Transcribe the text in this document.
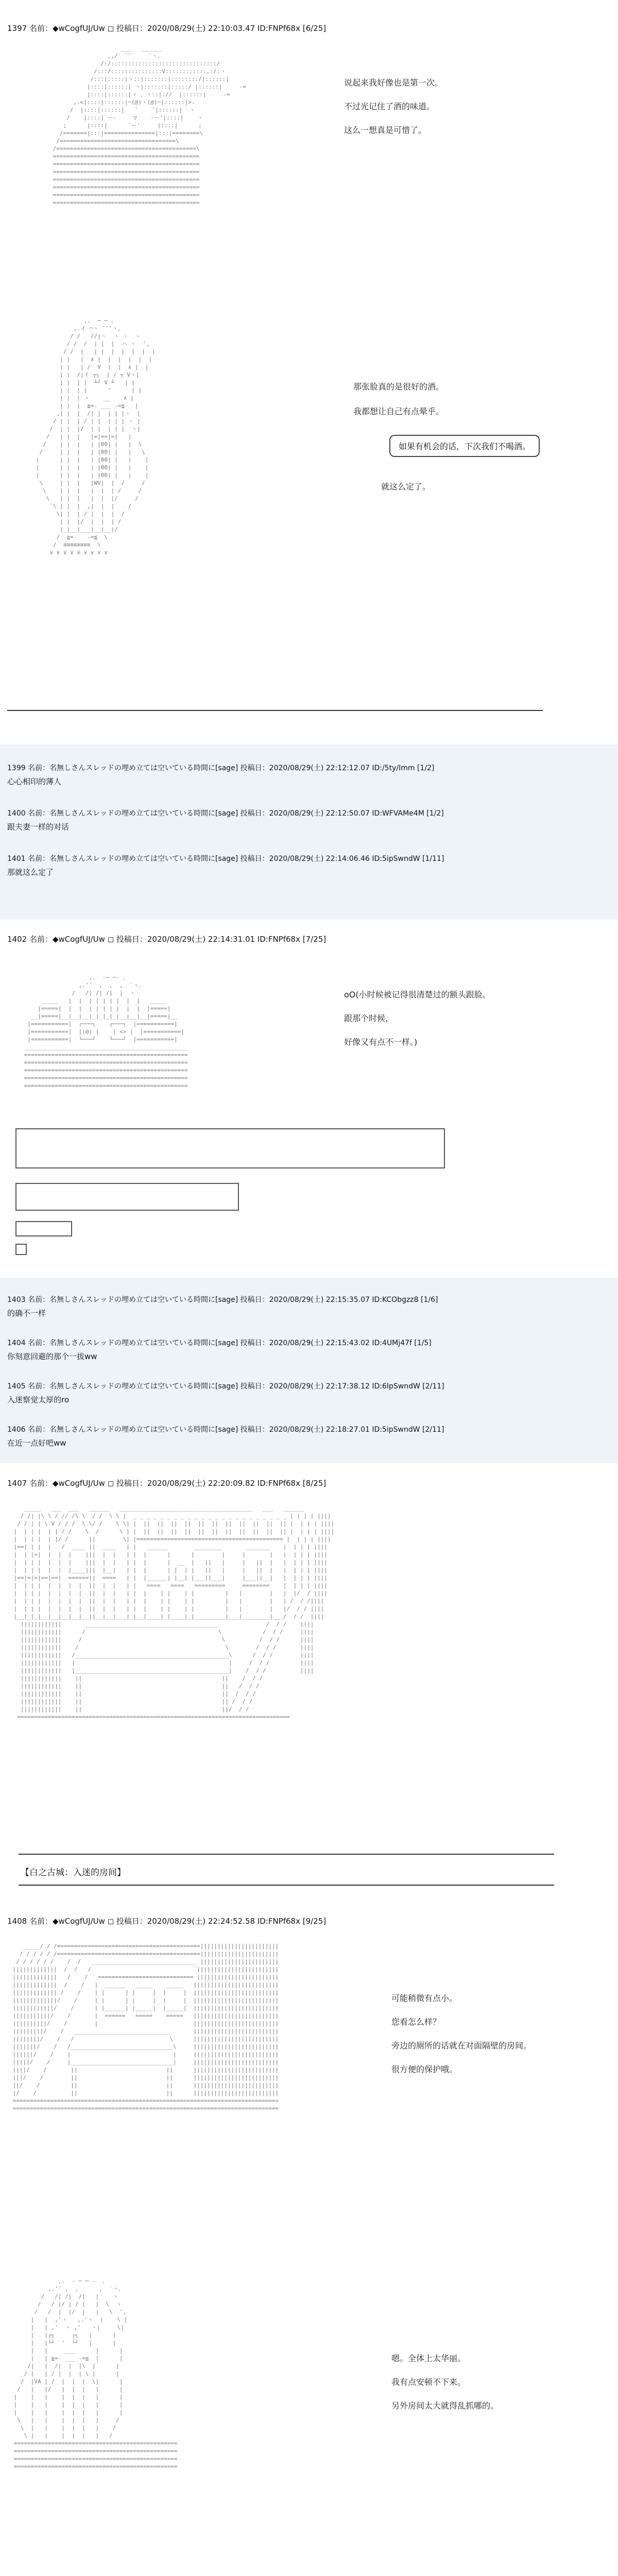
1397 名前：◆wCogfUJ/Uw ◻ 投稿日：2020/08/29(土) 22:10:03.47 ID:FNPf68x [6/25]
___   ______
,,/´ ̄ ̄      `ヽ、
/:/:::::::::::::::::::::::::::::::/
/:::/:::::::::::::::V::::::::::::,:/:ヽ
/:::|:::::|ヽ::|:::::::|::::::::/|::::::|
|::::|::::::| ヽ|:::::::|:::::/ |::::::|     ‐=
|::::|::::::|ヾ 、ヽ::|://  |::::::|     ‐=
,.<|::::|::::::|⌒(@)ヽ(@)⌒|::::::|>.
/  |::::|::::::|   ̄     ̄ |::::::|  ヽ
/    |::::|`ー-     ▽    -ー'|::::|    ヽ
;      |::::|      `ー'     |::::|      ;
/=======|:::|===============|:::|========\
/==================================\
/=========================================\
===========================================
===========================================
===========================================
===========================================
===========================================
===========================================
===========================================
说起来我好像也是第一次。
不过光记住了酒的味道。
这么一想真是可惜了。
,.  ─ ─ 、
,.イ ⌒ヽ ̄ ̄ ̄`ヽ、
/ /   //|ヽ  ヽ ヽ  ヽ
/ /  /  | |  |  ハ ヽ  ',
/ /  |   | |  |  |  |  |  |
| |   |  ∧ |  |  |  |  |  |
| |   | /  V  |  |  ∧ |  |
| |  /|イ ┬┐  | / ┬ Vヽ|
| |  | |  ┴┘ V ┴   | |
| |  | |      '      | |
| |  | ヽ    __    ∧ |
| |  |  ≧=- ___ -=≦   |
,| |  |  /| |  | | |ヽ  |
/ | |  | / | |  | | | ヽ |
/  | |  |/  | |  | | |  ヽ|
/   | |  |   |=|==|=|   |
/    | |  |   | |00| |   |  \
/     | |  |   | |00| |   |   \
|      | |  |   | |00| |   |    |
|      | |  |   | |00| |   |    |
|      | |  |   | |00| |   |    |
\     | |  |   |WV|  |  /     /
\    | |  |   |  |  | /     /
\   | |  |   |  |  |/     /
`\ | |  |  ,|  |  |    /
\| |  | / |  |  |  /
| |  |/  |  |  | /
|_|__|___|__|__|/
/  ≧=-   -=≦  \
/  ≡≡≡≡≡≡≡≡  \
∨ ∨ ∨ ∨ ∨ ∨ ∨ ∨ ∨
那张脸真的是很好的酒。
我都想让自己有点晕乎。
如果有机会的话，下次我们不喝酒。
就这么定了。
1399 名前：名無しさんスレッドの埋め立ては空いている時間に[sage] 投稿日：2020/08/29(土) 22:12:12.07 ID:/5ty/Imm [1/2]
心心相印的薄人
1400 名前：名無しさんスレッドの埋め立ては空いている時間に[sage] 投稿日：2020/08/29(土) 22:12:50.07 ID:WFVAMe4M [1/2]
跟夫妻一样的对话
1401 名前：名無しさんスレッドの埋め立ては空いている時間に[sage] 投稿日：2020/08/29(土) 22:14:06.46 ID:5ipSwndW [1/11]
那就这么定了
1402 名前：◆wCogfUJ/Uw ◻ 投稿日：2020/08/29(土) 22:14:31.01 ID:FNPf68x [7/25]
,.  -─ ─- 、
,.'´  ,  ,  ,  `ヽ、
/   /| /| /|  |  ヽ
_____   |  |  | | | | |  |  |   _____
|=====|  |  |  | | | | |  |  |  |=====|
__|=====|__|__|__|_|_|_|_|__|__|__|=====|__
|===========|  ┌───┐    ┌───┐  |===========|
|===========|  |(@) |    | <> |  |===========|
|===========|  └───┘    └───┘  |===========|
________________________________________________
================================================
================================================
================================================
================================================
================================================
oO(小时候被记得很清楚过的额头跟脸。
跟那个时候，
好像又有点不一样。)
1403 名前：名無しさんスレッドの埋め立ては空いている時間に[sage] 投稿日：2020/08/29(土) 22:15:35.07 ID:KCObgzz8 [1/6]
的确不一样
1404 名前：名無しさんスレッドの埋め立ては空いている時間に[sage] 投稿日：2020/08/29(土) 22:15:43.02 ID:4UMj47f [1/5]
你刻意回避的那个一拔ww
1405 名前：名無しさんスレッドの埋め立ては空いている時間に[sage] 投稿日：2020/08/29(土) 22:17:38.12 ID:6IpSwndW [2/11]
入迷察觉太厚的ro
1406 名前：名無しさんスレッドの埋め立ては空いている時間に[sage] 投稿日：2020/08/29(土) 22:18:27.01 ID:5ipSwndW [2/11]
在近一点好吧ww
1407 名前：◆wCogfUJ/Uw ◻ 投稿日：2020/08/29(土) 22:20:09.82 ID:FNPf68x [8/25]
_____   ___  ___   ______   _______________________________________   ___   ______
/ /| |\ \ / // /\ \  / /  \ \ |  _ _ _ _ _ _ _ _ _ _ _ _ _ _ _ _ _ _ _ _ _ _ _ | | | | ||||
/ / | | \ V / / /  \ \/ /    \ \| |  ||  ||  ||  ||  ||  ||  ||  ||  ||  ||  || |  | | | ||||
|  | | |  | | / /    \  /      \ | |  ||  ||  ||  ||  ||  ||  ||  ||  ||  ||  || |  | | | ||||
|  | | |  | |/ /      ||        \| |=========================================== |  | | | ||||
|==| | |  |   /  ____ ||  ____   | |   ______        ________       _______    |  | | | ||||
|  | |=|  |  |  |    |||  |  |   | |  |      |      |        |     |       |   |  | | | ||||
|  | | |  |  |  |    |||  |  |   | |  |      |  __  |   ||   |     |   ||  |   |  | | | ||||
|  | | |  |  |  |____|||  |__|   | |  |      | |  | |   ||   |     |   ||  |   |  | | | ||||
|==|=|=|==|==|  ======||  ====   | |  |______| |__| |___||___|     |___||__|   |  | | | ||||
|  | | |  |  |  |  |  ||  |  |   | |   ====   ====   =========     ========    |  | | | ||||
|  | | |  |  |  |  |  ||  |  |   | |  |    | |    | |         |   |        |   |  |/  / ||||
|  | | |  |  |  |  |  ||  |  |   | |  |    | |    | |         |   |        |   | /  / /||||
|  | | |  |  |  |  |  ||  |  |   | |  |    | |    | |         |   |        |   |/  / / ||||
|__|_|_|__|__|__|__|__||__|__|___|_|__|____|_|____|_|_________|___|________|___/  / /  ||||
||||||||||||       _______________________________________              /  / /    ||||
||||||||||||      /                                       \            /  / /     ||||
||||||||||||     /                                         \          /  / /      ||||
||||||||||||    /                                           \        /  / /       ||||
||||||||||||   /_____________________________________________\      /  / /        ||||
||||||||||||   |                                             |     /  / /         ||||
||||||||||||   |_____________________________________________|    /  / /          ||||
||||||||||||    ||                                         ||    /  / /
||||||||||||    ||                                         ||   /  / /
||||||||||||    ||                                         ||  /  / /
||||||||||||    ||                                         || /  / /
||||||||||||    ||                                         ||/  / /
================================================================================
【白之古城：入迷的房间】
1408 名前：◆wCogfUJ/Uw ◻ 投稿日：2020/08/29(土) 22:24:52.58 ID:FNPf68x [9/25]
_____/ / /==========================================|||||||||||||||||||||||
/ / / / / /==========================================|||||||||||||||||||||||
/ / / / / /    /  /   _______________________________ |||||||||||||||||||||||
|||||||||||||  /  /   /                               ||||||||||||||||||||||||
|||||||||||||   /    /   ============================ ||||||||||||||||||||||||
|||||||||||||  /    /   |  ______   _____    _____   |||||||||||||||||||||||||
||||||||||||| /    /    | |      | |     |  |     |  |||||||||||||||||||||||||
|||||||||||||/    /     | |      | |     |  |     |  |||||||||||||||||||||||||
||||||||||||/    /      | |______| |_____|  |_____|  |||||||||||||||||||||||||
|||||||||||/    /       |  ======   =====    =====   |||||||||||||||||||||||||
||||||||||/    /        |                            |||||||||||||||||||||||||
|||||||||/    /   ____________________________       |||||||||||||||||||||||||
||||||||/    /   /                            \      |||||||||||||||||||||||||
|||||||/    /   /______________________________\     |||||||||||||||||||||||||
||||||/    /    |                              |     |||||||||||||||||||||||||
|||||/    /     |______________________________|     |||||||||||||||||||||||||
||||/    /       ||                          ||      |||||||||||||||||||||||||
|||/    /        ||                          ||      |||||||||||||||||||||||||
||/    /         ||                          ||      |||||||||||||||||||||||||
|/    /          ||                          ||      |||||||||||||||||||||||||
==============================================================================
==============================================================================
可能稍微有点小。
您看怎么样？
旁边的厕所的话就在对面隔壁的房间。
很方便的保护哦。
,.  - ─ ─ -  、
,.'´ ,  ,      ,  `ヽ、
/   /| /|  /|   |    ヽ
/   / |/ | / |   |  \  ヽ
/   /  |  |/  |   |   \  ',
|   |  ,'ヽ   ,.'ヽ  |    \ |
|   | ,'  ヽ ,'   ヽ|     \|
|   |┌┐     ┌┐   |      |
|   |└┘  '  └┘   |      |
|   |     ___      |      |
|   | ≧=- ___ -=≦  |      |
/|   |  /|  |  |\  |      |
/ |   | / |  |  | \ |      |
/  |VA | /  |  |  |  \|      |
/   |   |/   |  |  |   |      |
|    |   |    |  |  |   |      |
|    |   |    |  |  |   |      |
|    |   |    |  |  |   |      |
\   |   |    |  |  |   |     /
\  |   |    |  |  |   |    /
\ |   |    |  |  |   |   /
================================================
================================================
================================================
================================================
嗯。全体上太华丽。
我有点安顿不下来。
另外房间太大就得乱抓哪的。
